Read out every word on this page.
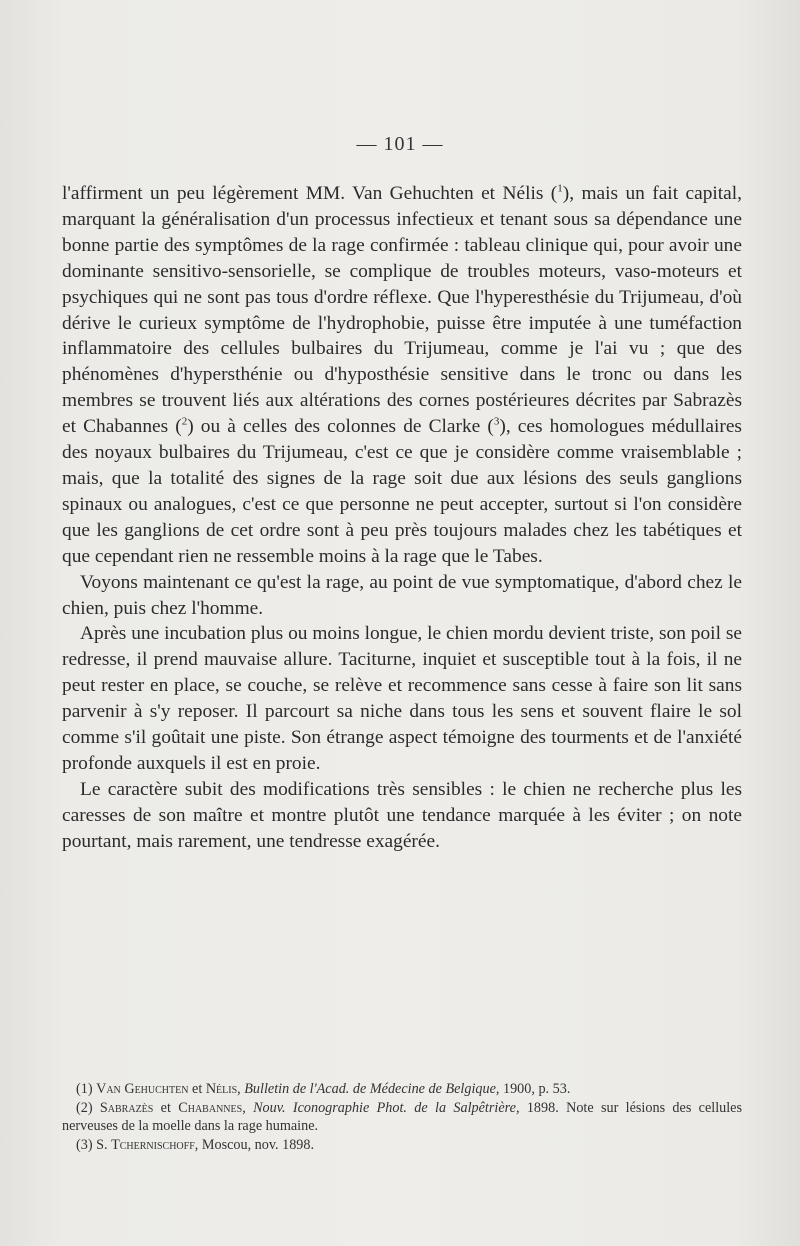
— 101 —

l'affirment un peu légèrement MM. Van Gehuchten et Nélis ($^1$), mais un fait capital, marquant la généralisation d'un processus infectieux et tenant sous sa dépendance une bonne partie des symptômes de la rage confirmée : tableau clinique qui, pour avoir une dominante sensitivo-sensorielle, se complique de troubles moteurs, vaso-moteurs et psychiques qui ne sont pas tous d'ordre réflexe. Que l'hyperesthésie du Trijumeau, d'où dérive le curieux symptôme de l'hydrophobie, puisse être imputée à une tuméfaction inflammatoire des cellules bulbaires du Trijumeau, comme je l'ai vu ; que des phénomènes d'hypersthénie ou d'hyposthésie sensitive dans le tronc ou dans les membres se trouvent liés aux altérations des cornes postérieures décrites par Sabrazès et Chabannes ($^2$) ou à celles des colonnes de Clarke ($^3$), ces homologues médullaires des noyaux bulbaires du Trijumeau, c'est ce que je considère comme vraisemblable ; mais, que la totalité des signes de la rage soit due aux lésions des seuls ganglions spinaux ou analogues, c'est ce que personne ne peut accepter, surtout si l'on considère que les ganglions de cet ordre sont à peu près toujours malades chez les tabétiques et que cependant rien ne ressemble moins à la rage que le Tabes.

Voyons maintenant ce qu'est la rage, au point de vue symptomatique, d'abord chez le chien, puis chez l'homme.

Après une incubation plus ou moins longue, le chien mordu devient triste, son poil se redresse, il prend mauvaise allure. Taciturne, inquiet et susceptible tout à la fois, il ne peut rester en place, se couche, se relève et recommence sans cesse à faire son lit sans parvenir à s'y reposer. Il parcourt sa niche dans tous les sens et souvent flaire le sol comme s'il goûtait une piste. Son étrange aspect témoigne des tourments et de l'anxiété profonde auxquels il est en proie.

Le caractère subit des modifications très sensibles : le chien ne recherche plus les caresses de son maître et montre plutôt une tendance marquée à les éviter ; on note pourtant, mais rarement, une tendresse exagérée.

(1) Van Gehuchten et Nélis, Bulletin de l'Acad. de Médecine de Belgique, 1900, p. 53.

(2) Sabrazès et Chabannes, Nouv. Iconographie Phot. de la Salpêtrière, 1898. Note sur lésions des cellules nerveuses de la moelle dans la rage humaine.

(3) S. Tchernischoff, Moscou, nov. 1898.
